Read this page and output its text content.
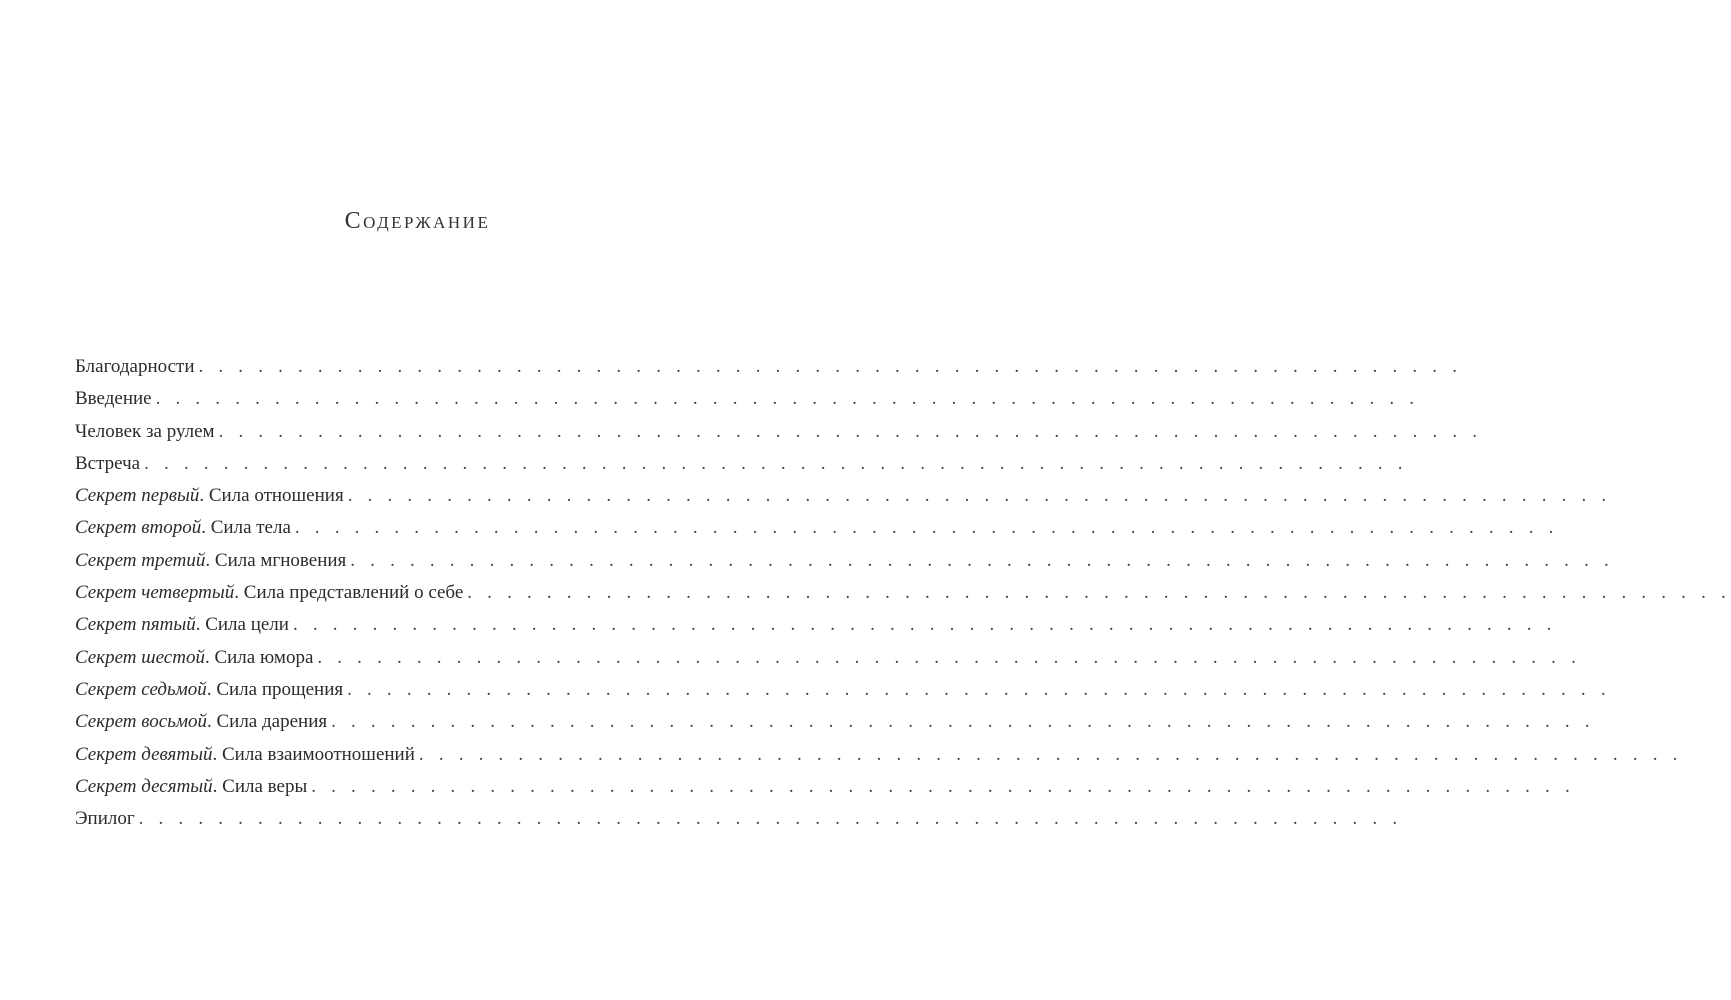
Содержание
Благодарности . . . . . . . . . . . . . . . . . . . . . . . . . . . . . . . . . . . . . . . . . . . . . . . . . . . . . . . . . . . . . . . .
Введение . . . . . . . . . . . . . . . . . . . . . . . . . . . . . . . . . . . . . . . . . . . . . . . . . . . . . . . . . . . . . . . .
Человек за рулем . . . . . . . . . . . . . . . . . . . . . . . . . . . . . . . . . . . . . . . . . . . . . . . . . . . . . . . . . . . . . . . .
Встреча . . . . . . . . . . . . . . . . . . . . . . . . . . . . . . . . . . . . . . . . . . . . . . . . . . . . . . . . . . . . . . . .
Секрет первый. Сила отношения . . . . . . . . . . . . . . . . . . . . . . . . . . . . . . . . . . . . . . . . . . . . . . . . . . . . . . . . . . . . . . . .
Секрет второй. Сила тела . . . . . . . . . . . . . . . . . . . . . . . . . . . . . . . . . . . . . . . . . . . . . . . . . . . . . . . . . . . . . . . .
Секрет третий. Сила мгновения . . . . . . . . . . . . . . . . . . . . . . . . . . . . . . . . . . . . . . . . . . . . . . . . . . . . . . . . . . . . . . . .
Секрет четвертый. Сила представлений о себе . . . . . . . . . . . . . . . . . . . . . . . . . . . . . . . . . . . . . . . . . . . . . . . . . . . . . . . . . . . . . . . .
Секрет пятый. Сила цели . . . . . . . . . . . . . . . . . . . . . . . . . . . . . . . . . . . . . . . . . . . . . . . . . . . . . . . . . . . . . . . .
Секрет шестой. Сила юмора . . . . . . . . . . . . . . . . . . . . . . . . . . . . . . . . . . . . . . . . . . . . . . . . . . . . . . . . . . . . . . . .
Секрет седьмой. Сила прощения . . . . . . . . . . . . . . . . . . . . . . . . . . . . . . . . . . . . . . . . . . . . . . . . . . . . . . . . . . . . . . . .
Секрет восьмой. Сила дарения . . . . . . . . . . . . . . . . . . . . . . . . . . . . . . . . . . . . . . . . . . . . . . . . . . . . . . . . . . . . . . . .
Секрет девятый. Сила взаимоотношений . . . . . . . . . . . . . . . . . . . . . . . . . . . . . . . . . . . . . . . . . . . . . . . . . . . . . . . . . . . . . . . .
Секрет десятый. Сила веры . . . . . . . . . . . . . . . . . . . . . . . . . . . . . . . . . . . . . . . . . . . . . . . . . . . . . . . . . . . . . . . .
Эпилог . . . . . . . . . . . . . . . . . . . . . . . . . . . . . . . . . . . . . . . . . . . . . . . . . . . . . . . . . . . . . . . .
